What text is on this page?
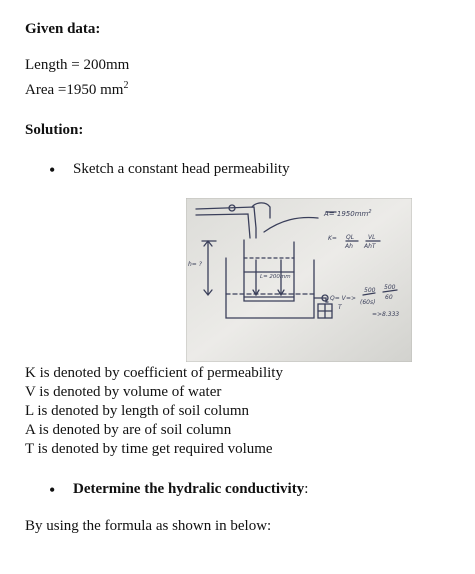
Given data:
Length = 200mm
Area =1950 $mm^2$
Solution:
• Sketch a constant head permeability
$A= 1950mm^2$
K= QL
Ah
VL
AhT
h= ?
L= 200mm
Q= V
T
=>
500
(60s)
500
60
=>8.333
K is denoted by coefficient of permeability
V is denoted by volume of water
L is denoted by length of soil column
A is denoted by are of soil column
T is denoted by time get required volume
• Determine the hydralic conductivity:
By using the formula as shown in below:
